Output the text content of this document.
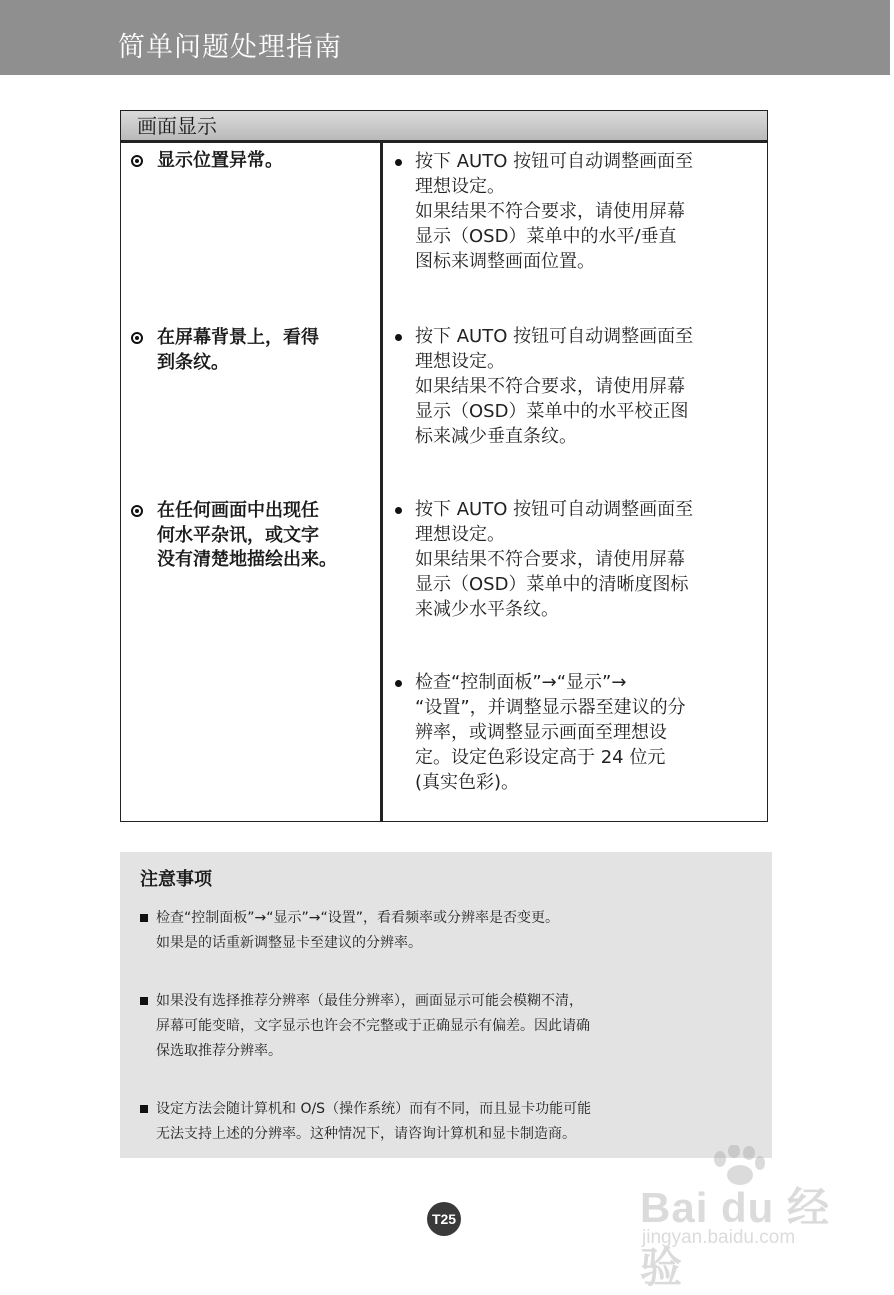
简单问题处理指南
画面显示
显示位置异常。	按下 AUTO 按钮可自动调整画面至
理想设定。
如果结果不符合要求，请使用屏幕
显示（OSD）菜单中的水平/垂直
图标来调整画面位置。
在屏幕背景上，看得
到条纹。
按下 AUTO 按钮可自动调整画面至
理想设定。
如果结果不符合要求，请使用屏幕
显示（OSD）菜单中的水平校正图
标来减少垂直条纹。
在任何画面中出现任
何水平杂讯，或文字
没有清楚地描绘出来。
按下 AUTO 按钮可自动调整画面至
理想设定。
如果结果不符合要求，请使用屏幕
显示（OSD）菜单中的清晰度图标
来减少水平条纹。
检查“控制面板”→“显示”→
“设置”，并调整显示器至建议的分
辨率，或调整显示画面至理想设
定。设定色彩设定高于 24 位元
(真实色彩)。
注意事项
检查“控制面板”→“显示”→“设置”，看看频率或分辨率是否变更。
如果是的话重新调整显卡至建议的分辨率。
如果没有选择推荐分辨率（最佳分辨率），画面显示可能会模糊不清，
屏幕可能变暗，文字显示也许会不完整或于正确显示有偏差。因此请确
保选取推荐分辨率。
设定方法会随计算机和 O/S（操作系统）而有不同，而且显卡功能可能
无法支持上述的分辨率。这种情况下，请咨询计算机和显卡制造商。
T25	Bai du 经验
jingyan.baidu.com
